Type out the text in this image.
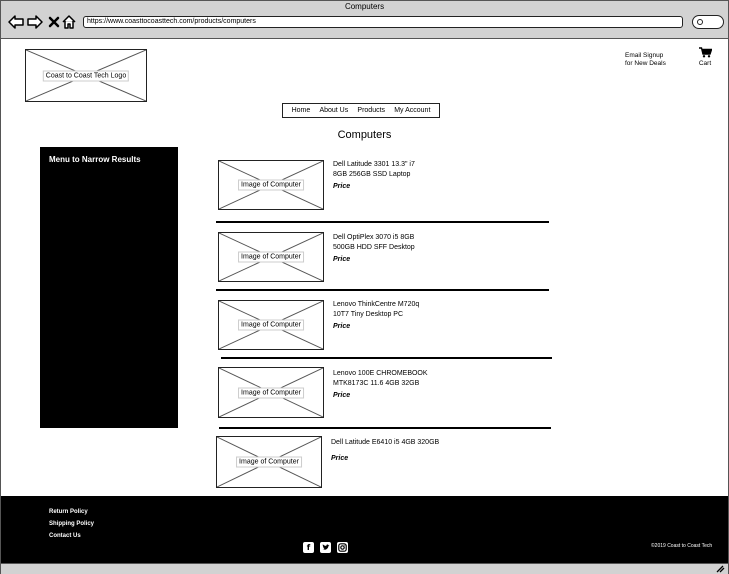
Computers
https://www.coasttocoasttech.com/products/computers
Coast to Coast Tech Logo
Email Signup
for New Deals	Cart
Home About Us Products My Account
Computers
Menu to Narrow Results
Image of Computer
Dell Latitude 3301 13.3" i7
8GB 256GB SSD Laptop
Price
Image of Computer
Dell OptiPlex 3070 i5 8GB
500GB HDD SFF Desktop
Price
Image of Computer
Lenovo ThinkCentre M720q
10T7 Tiny Desktop PC
Price
Image of Computer
Lenovo 100E CHROMEBOOK
MTK8173C 11.6 4GB 32GB
Price
Image of Computer
Dell Latitude E6410 i5 4GB 320GB
Price
Return Policy
Shipping Policy
Contact Us
f	©2019 Coast to Coast Tech
